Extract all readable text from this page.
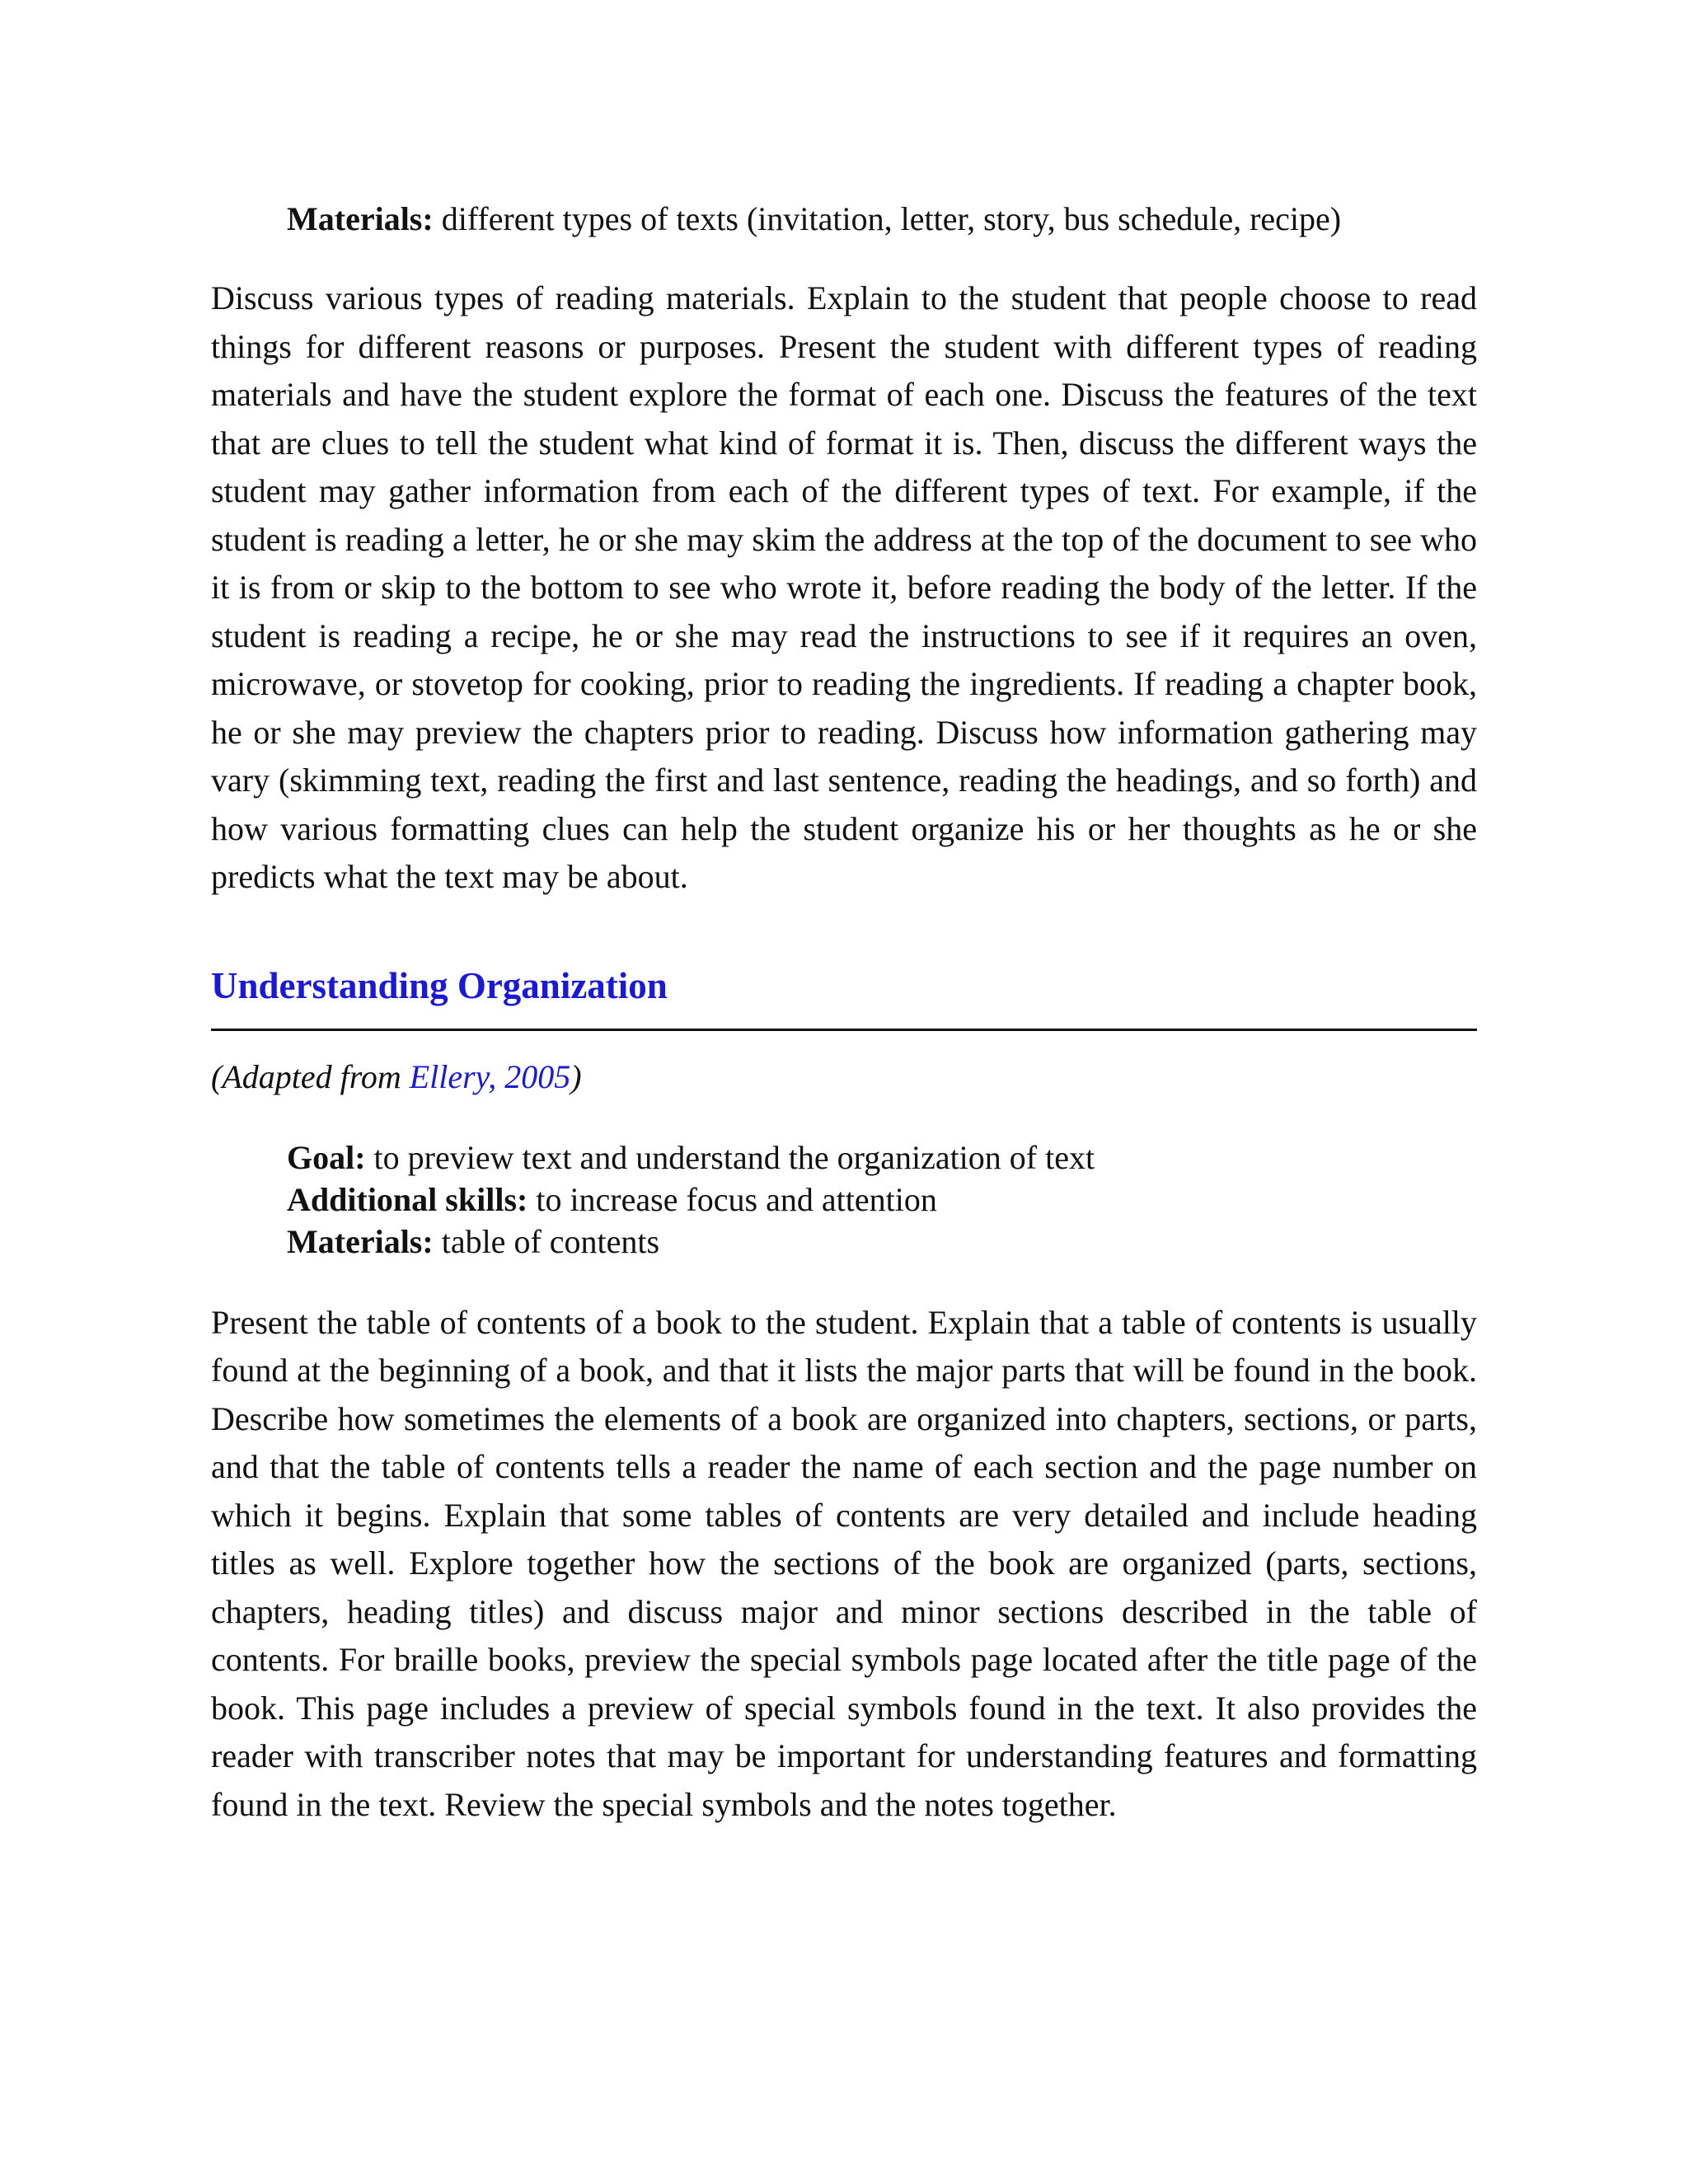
Materials: different types of texts (invitation, letter, story, bus schedule, recipe)

Discuss various types of reading materials. Explain to the student that people choose to read things for different reasons or purposes. Present the student with different types of reading materials and have the student explore the format of each one. Discuss the features of the text that are clues to tell the student what kind of format it is. Then, discuss the different ways the student may gather information from each of the different types of text. For example, if the student is reading a letter, he or she may skim the address at the top of the document to see who it is from or skip to the bottom to see who wrote it, before reading the body of the letter. If the student is reading a recipe, he or she may read the instructions to see if it requires an oven, microwave, or stovetop for cooking, prior to reading the ingredients. If reading a chapter book, he or she may preview the chapters prior to reading. Discuss how information gathering may vary (skimming text, reading the first and last sentence, reading the headings, and so forth) and how various formatting clues can help the student organize his or her thoughts as he or she predicts what the text may be about.

Understanding Organization
(Adapted from Ellery, 2005)
Goal: to preview text and understand the organization of text
Additional skills: to increase focus and attention
Materials: table of contents

Present the table of contents of a book to the student. Explain that a table of contents is usually found at the beginning of a book, and that it lists the major parts that will be found in the book. Describe how sometimes the elements of a book are organized into chapters, sections, or parts, and that the table of contents tells a reader the name of each section and the page number on which it begins. Explain that some tables of contents are very detailed and include heading titles as well. Explore together how the sections of the book are organized (parts, sections, chapters, heading titles) and discuss major and minor sections described in the table of contents. For braille books, preview the special symbols page located after the title page of the book. This page includes a preview of special symbols found in the text. It also provides the reader with transcriber notes that may be important for understanding features and formatting found in the text. Review the special symbols and the notes together.
